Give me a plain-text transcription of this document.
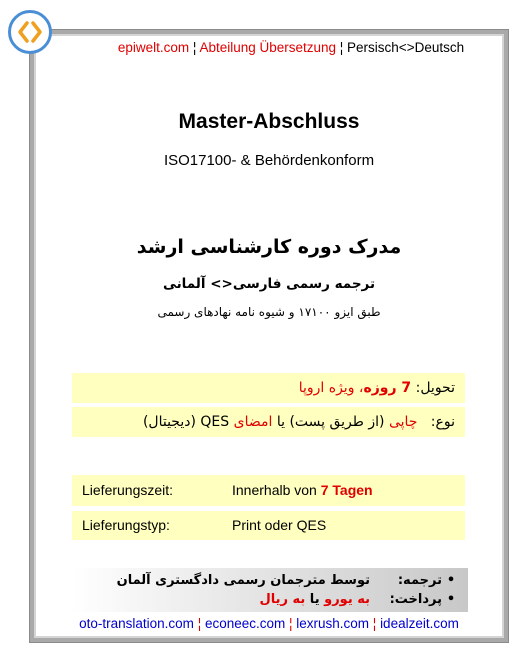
epiwelt.com ¦ Abteilung Übersetzung ¦ Persisch<>Deutsch
Master-Abschluss
ISO17100- & Behördenkonform
مدرک دوره کارشناسی ارشد
ترجمه رسمی فارسی<> آلمانی
طبق ایزو ۱۷۱۰۰ و شیوه نامه نهادهای رسمی
تحویل: 7 روزه، ویژه اروپا
نوع:   چاپی (از طریق پست) یا امضای QES (دیجیتال)
Lieferungszeit:	Innerhalb von 7 Tagen
Lieferungstyp:	Print oder QES
•ترجمه:توسط مترجمان رسمی دادگستری آلمان
•پرداخت:به یورو یا به ریال
oto-translation.com ¦ econeec.com ¦ lexrush.com ¦ idealzeit.com
